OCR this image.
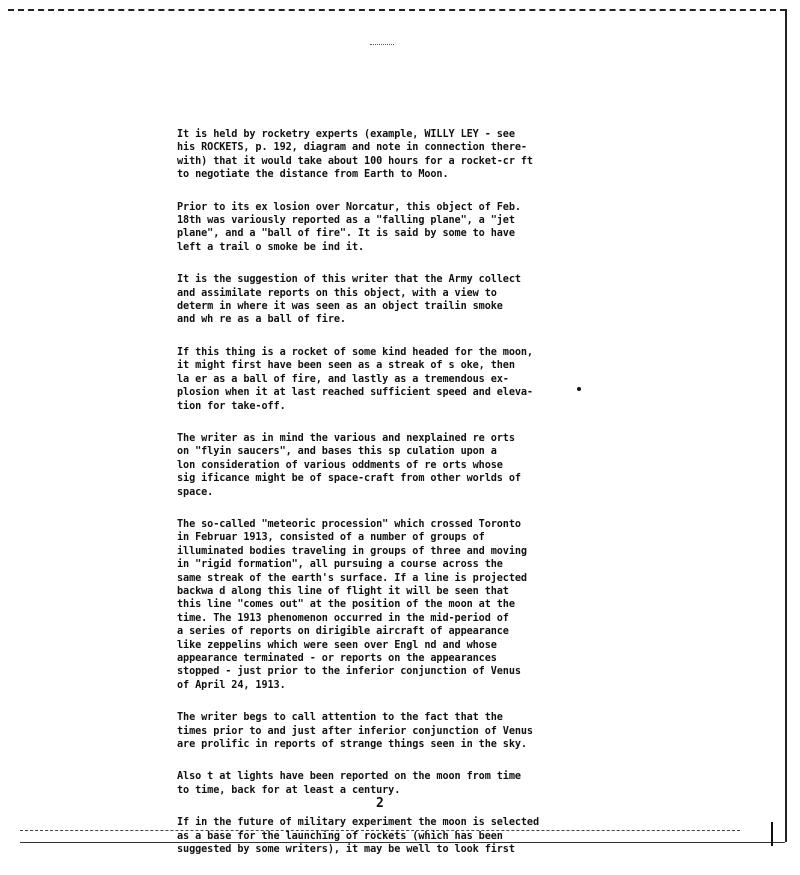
It is held by rocketry experts (example, WILLY LEY - see
his ROCKETS, p. 192, diagram and note in connection there-
with) that it would take about 100 hours for a rocket-cr ft
to negotiate the distance from Earth to Moon.

Prior to its ex losion over Norcatur, this object of Feb.
18th was variously reported as a "falling plane", a "jet
plane", and a "ball of fire". It is said by some to have
left a trail o smoke be ind it.

It is the suggestion of this writer that the Army collect
and assimilate reports on this object, with a view to
determ in where it was seen as an object trailin smoke
and wh re as a ball of fire.

If this thing is a rocket of some kind headed for the moon,
it might first have been seen as a streak of s oke, then
la er as a ball of fire, and lastly as a tremendous ex-
plosion when it at last reached sufficient speed and eleva-
tion for take-off.

The writer as in mind the various and nexplained re orts
on "flyin saucers", and bases this sp culation upon a
lon consideration of various oddments of re orts whose
sig ificance might be of space-craft from other worlds of
space.

The so-called "meteoric procession" which crossed Toronto
in Februar 1913, consisted of a number of groups of
illuminated bodies traveling in groups of three and moving
in "rigid formation", all pursuing a course across the
same streak of the earth's surface. If a line is projected
backwa d along this line of flight it will be seen that
this line "comes out" at the position of the moon at the
time. The 1913 phenomenon occurred in the mid-period of
a series of reports on dirigible aircraft of appearance
like zeppelins which were seen over Engl nd and whose
appearance terminated - or reports on the appearances
stopped - just prior to the inferior conjunction of Venus
of April 24, 1913.

The writer begs to call attention to the fact that the
times prior to and just after inferior conjunction of Venus
are prolific in reports of strange things seen in the sky.

Also t at lights have been reported on the moon from time
to time, back for at least a century.

If in the future of military experiment the moon is selected
as a base for the launching of rockets (which has been
suggested by some writers), it may be well to look first

2
